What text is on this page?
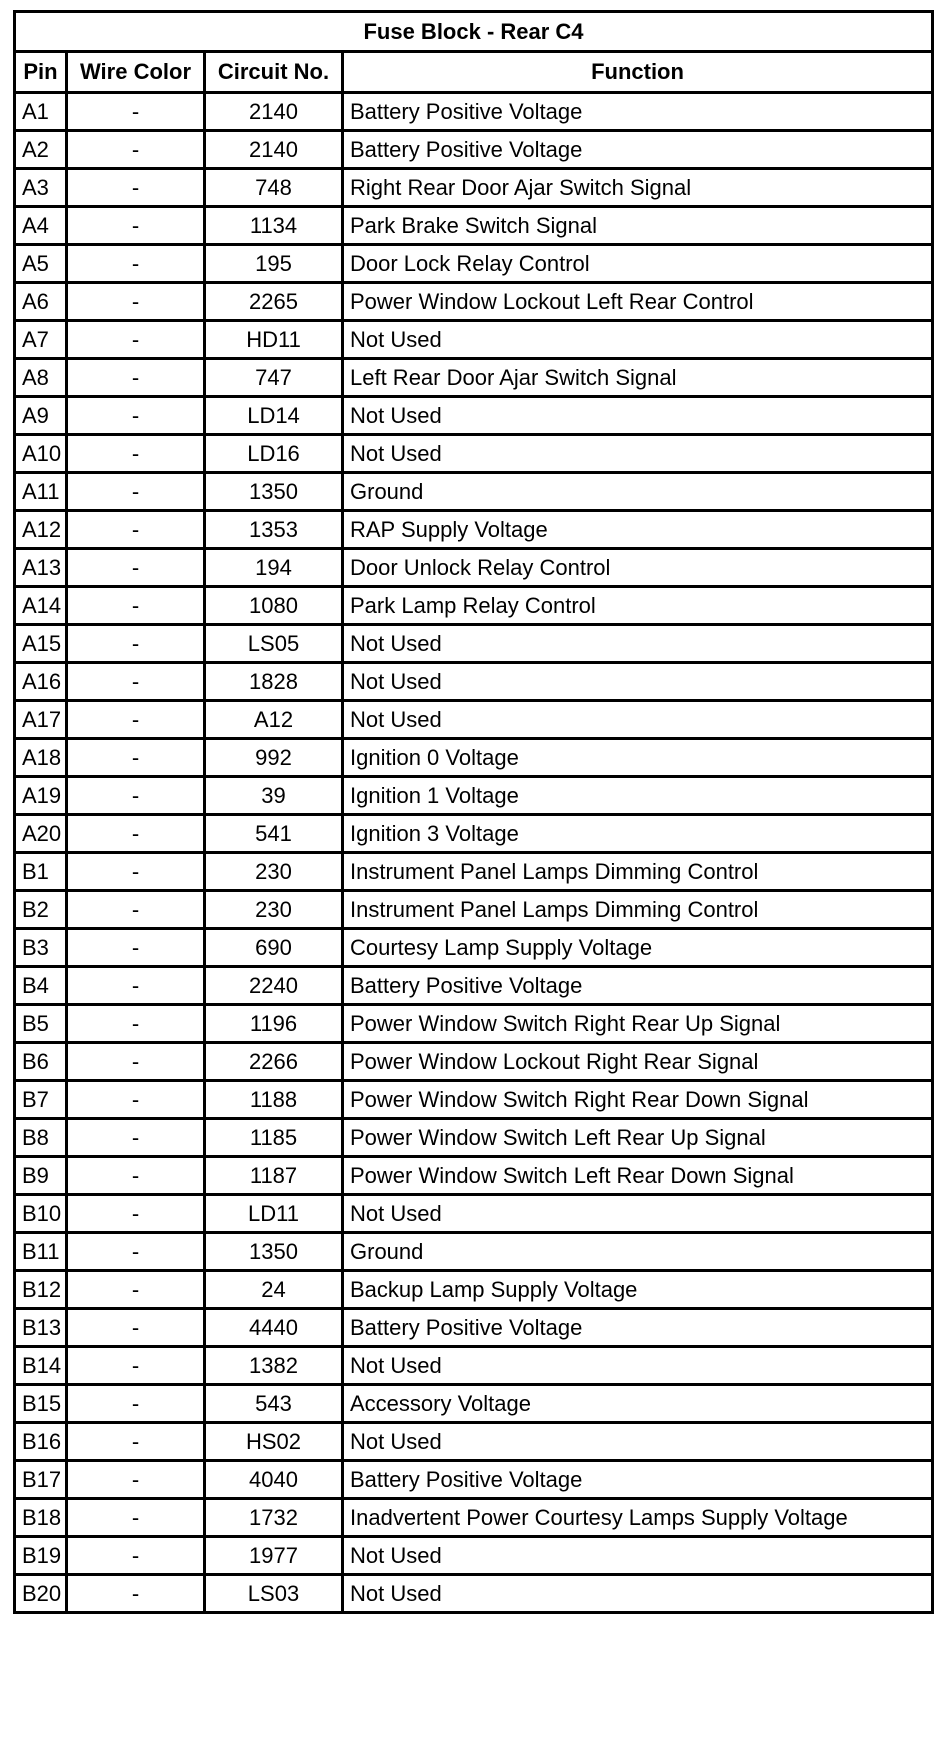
Fuse Block - Rear C4			
Pin	Wire Color	Circuit No.	Function
A1	-	2140	Battery Positive Voltage
A2	-	2140	Battery Positive Voltage
A3	-	748	Right Rear Door Ajar Switch Signal
A4	-	1134	Park Brake Switch Signal
A5	-	195	Door Lock Relay Control
A6	-	2265	Power Window Lockout Left Rear Control
A7	-	HD11	Not Used
A8	-	747	Left Rear Door Ajar Switch Signal
A9	-	LD14	Not Used
A10	-	LD16	Not Used
A11	-	1350	Ground
A12	-	1353	RAP Supply Voltage
A13	-	194	Door Unlock Relay Control
A14	-	1080	Park Lamp Relay Control
A15	-	LS05	Not Used
A16	-	1828	Not Used
A17	-	A12	Not Used
A18	-	992	Ignition 0 Voltage
A19	-	39	Ignition 1 Voltage
A20	-	541	Ignition 3 Voltage
B1	-	230	Instrument Panel Lamps Dimming Control
B2	-	230	Instrument Panel Lamps Dimming Control
B3	-	690	Courtesy Lamp Supply Voltage
B4	-	2240	Battery Positive Voltage
B5	-	1196	Power Window Switch Right Rear Up Signal
B6	-	2266	Power Window Lockout Right Rear Signal
B7	-	1188	Power Window Switch Right Rear Down Signal
B8	-	1185	Power Window Switch Left Rear Up Signal
B9	-	1187	Power Window Switch Left Rear Down Signal
B10	-	LD11	Not Used
B11	-	1350	Ground
B12	-	24	Backup Lamp Supply Voltage
B13	-	4440	Battery Positive Voltage
B14	-	1382	Not Used
B15	-	543	Accessory Voltage
B16	-	HS02	Not Used
B17	-	4040	Battery Positive Voltage
B18	-	1732	Inadvertent Power Courtesy Lamps Supply Voltage
B19	-	1977	Not Used
B20	-	LS03	Not Used
